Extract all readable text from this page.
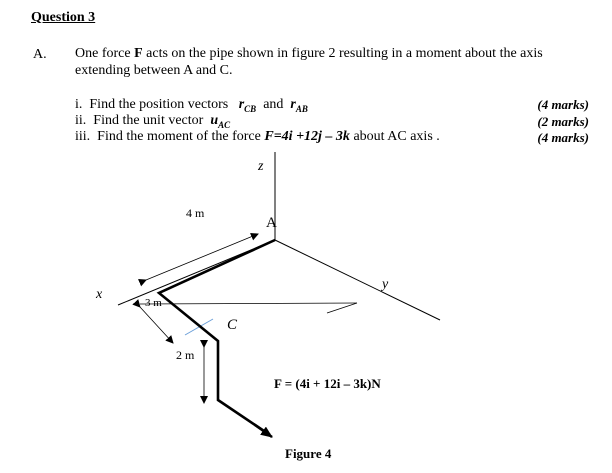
Question 3
A. One force F acts on the pipe shown in figure 2 resulting in a moment about the axis
extending between A and C.
i. Find the position vectors $r_{CB}$ and $r_{AB}$	(4 marks)
ii. Find the unit vector $u_{AC}$	(2 marks)
iii. Find the moment of the force F=4i +12j – 3k about AC axis .	(4 marks)
z
A
4 m
x
y
3 m
C
2 m
F = (4i + 12i – 3k)N
Figure 4
